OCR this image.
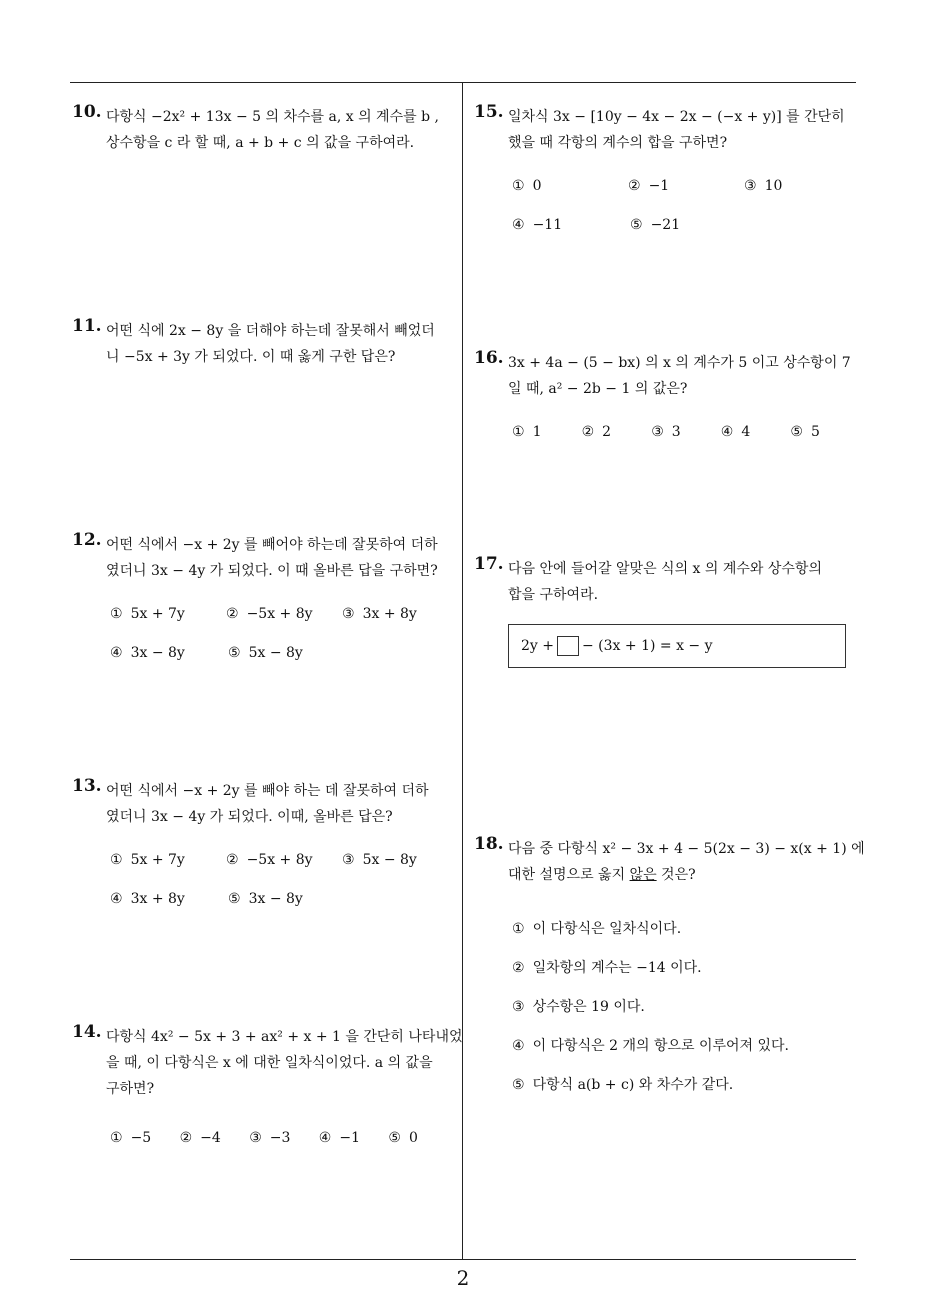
10. 다항식 −2x² + 13x − 5 의 차수를 a, x 의 계수를 b ,
상수항을 c 라 할 때, a + b + c 의 값을 구하여라.
11. 어떤 식에 2x − 8y 을 더해야 하는데 잘못해서 빼었더
니 −5x + 3y 가 되었다. 이 때 옳게 구한 답은?
12. 어떤 식에서 −x + 2y 를 빼어야 하는데 잘못하여 더하
였더니 3x − 4y 가 되었다. 이 때 올바른 답을 구하면?
① 5x + 7y	② −5x + 8y	③ 3x + 8y
④ 3x − 8y	⑤ 5x − 8y
13. 어떤 식에서 −x + 2y 를 빼야 하는 데 잘못하여 더하
였더니 3x − 4y 가 되었다. 이때, 올바른 답은?
① 5x + 7y	② −5x + 8y	③ 5x − 8y
④ 3x + 8y	⑤ 3x − 8y
14. 다항식 4x² − 5x + 3 + ax² + x + 1 을 간단히 나타내었
을 때, 이 다항식은 x 에 대한 일차식이었다. a 의 값을
구하면?
① −5	② −4	③ −3	④ −1	⑤ 0
15. 일차식 3x − [10y − 4x − 2x − (−x + y)] 를 간단히
했을 때 각항의 계수의 합을 구하면?
① 0	② −1	③ 10
④ −11	⑤ −21
16. 3x + 4a − (5 − bx) 의 x 의 계수가 5 이고 상수항이 7
일 때, a² − 2b − 1 의 값은?
① 1	② 2	③ 3	④ 4	⑤ 5
17. 다음 안에 들어갈 알맞은 식의 x 의 계수와 상수항의
합을 구하여라.
2y + − (3x + 1) = x − y
18. 다음 중 다항식 x² − 3x + 4 − 5(2x − 3) − x(x + 1) 에
대한 설명으로 옳지 않은 것은?
① 이 다항식은 일차식이다.
② 일차항의 계수는 −14 이다.
③ 상수항은 19 이다.
④ 이 다항식은 2 개의 항으로 이루어져 있다.
⑤ 다항식 a(b + c) 와 차수가 같다.
2
